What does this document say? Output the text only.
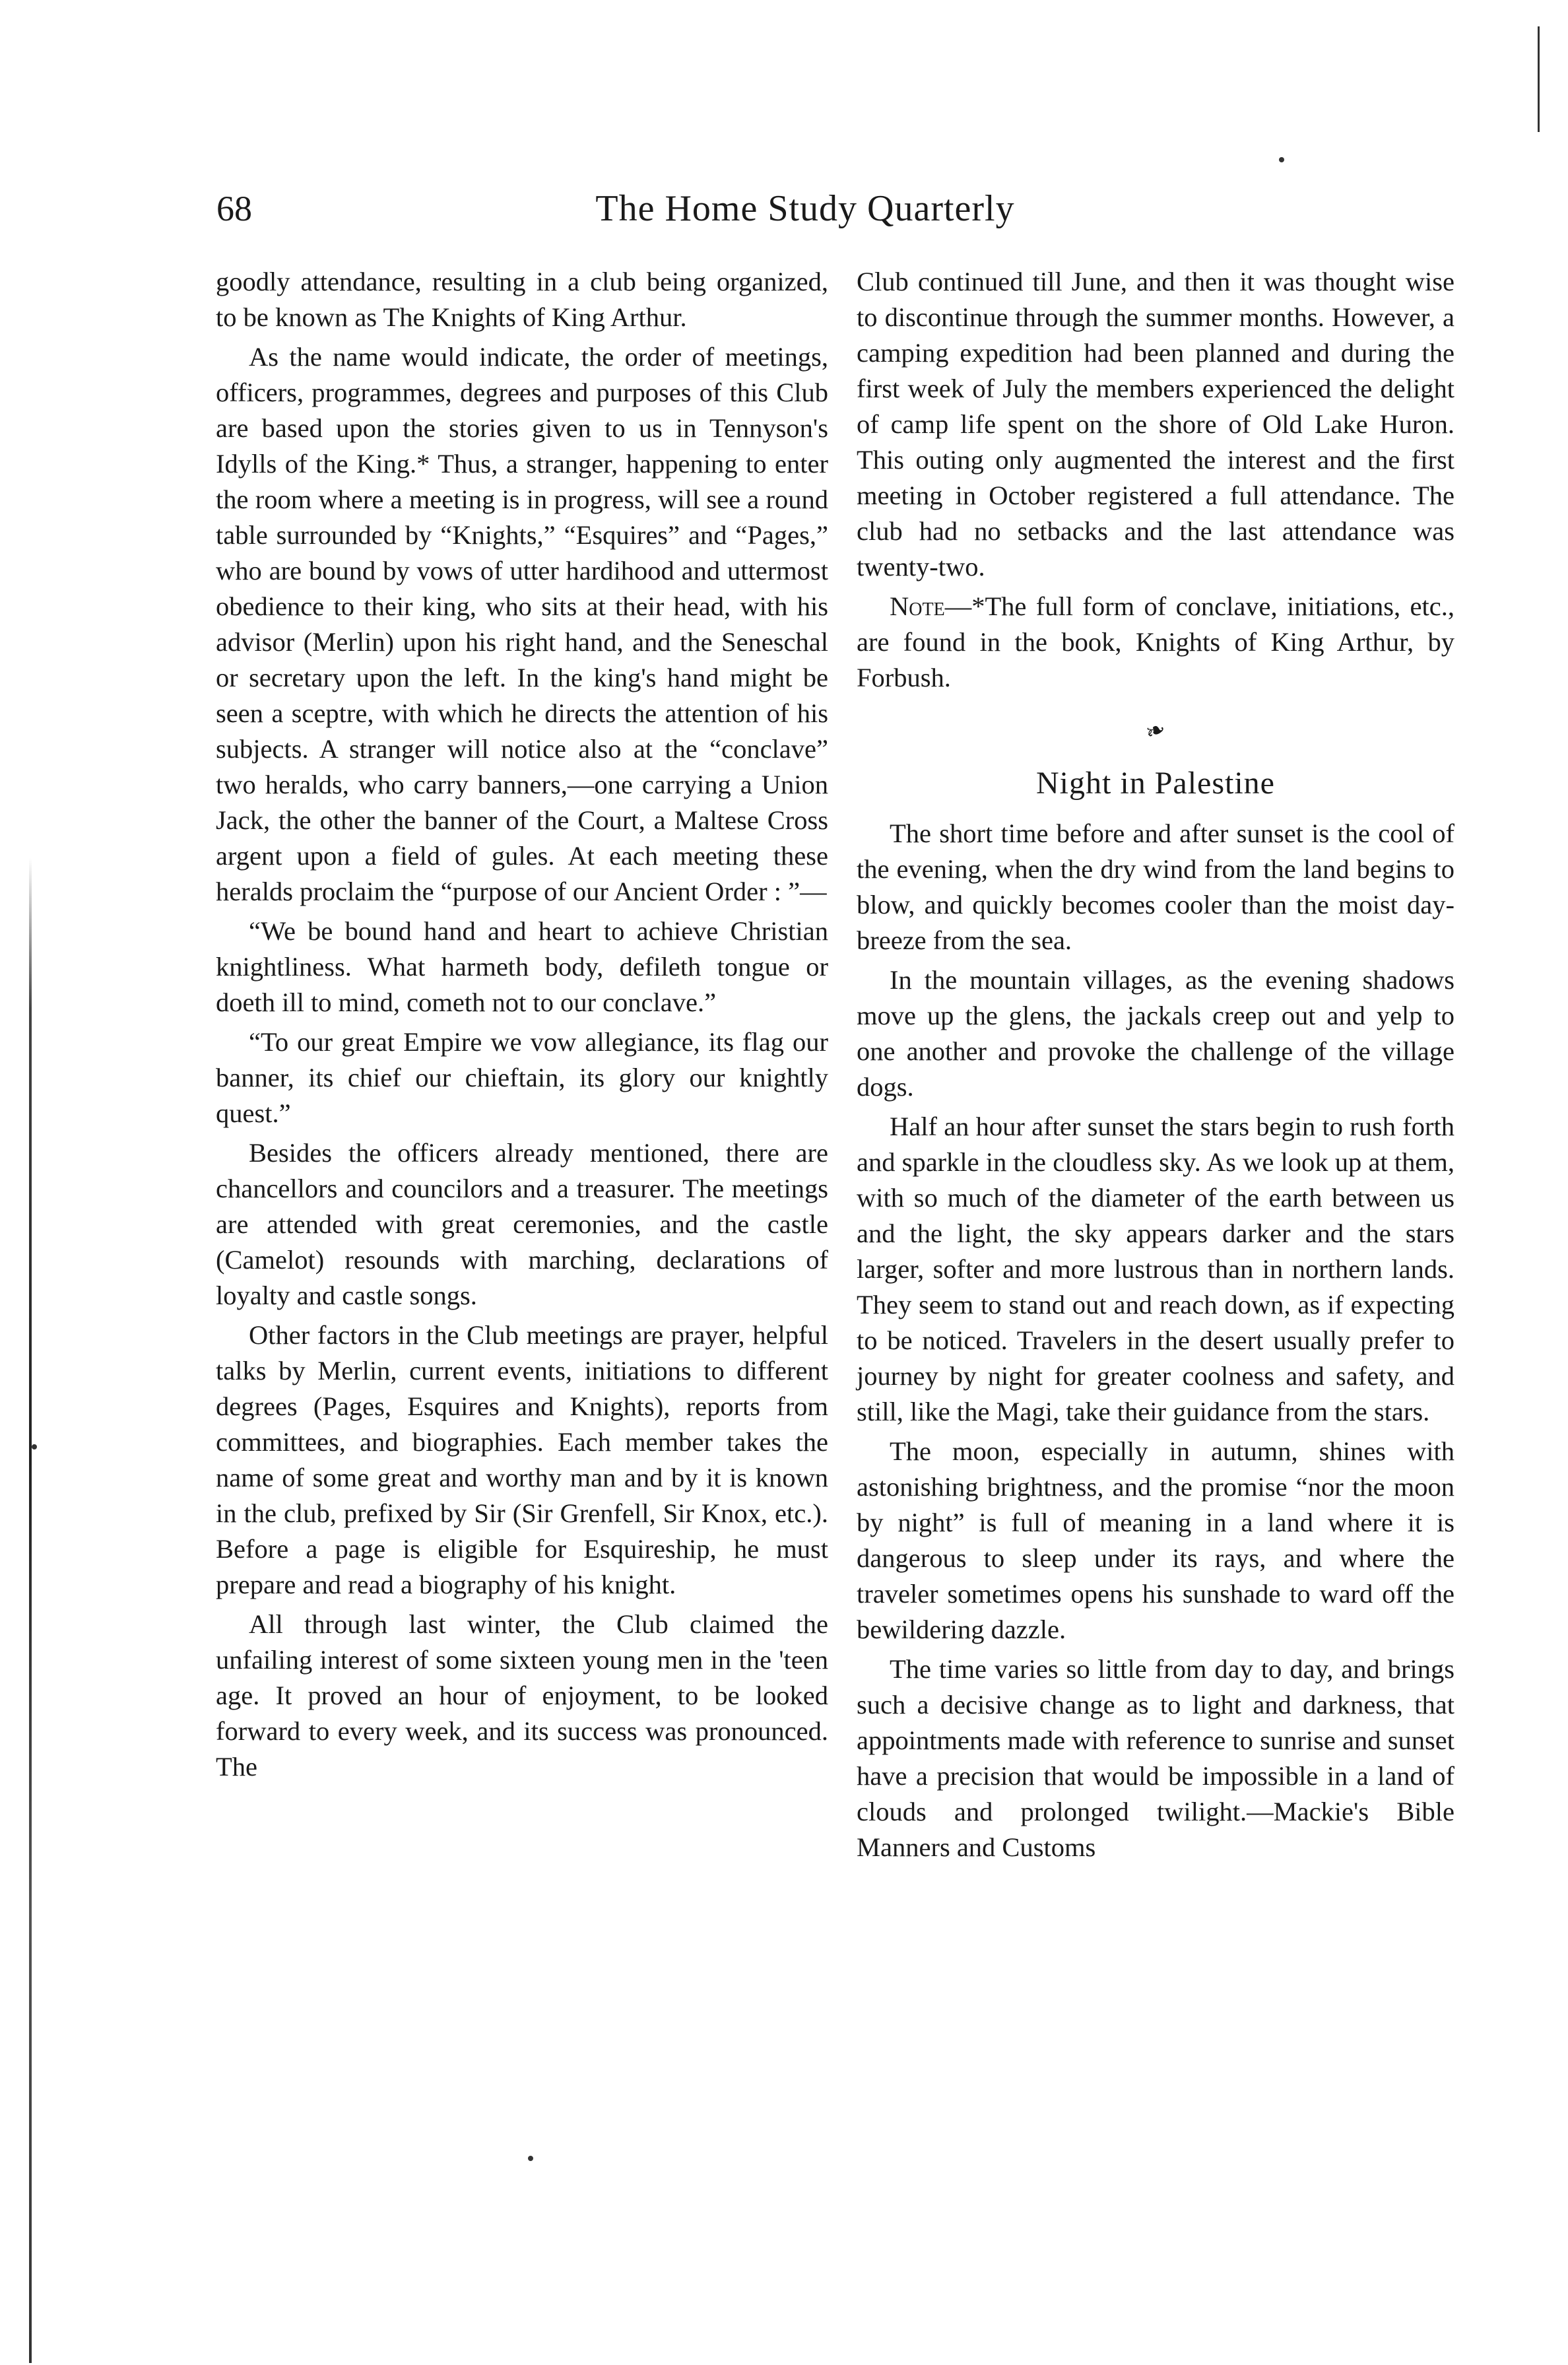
68	The Home Study Quarterly

goodly attendance, resulting in a club being organized, to be known as The Knights of King Arthur.

As the name would indicate, the order of meetings, officers, programmes, degrees and purposes of this Club are based upon the stories given to us in Tennyson's Idylls of the King.* Thus, a stranger, happening to enter the room where a meeting is in progress, will see a round table surrounded by “Knights,” “Esquires” and “Pages,” who are bound by vows of utter hardihood and uttermost obedience to their king, who sits at their head, with his advisor (Merlin) upon his right hand, and the Seneschal or secretary upon the left. In the king's hand might be seen a sceptre, with which he directs the attention of his subjects. A stranger will notice also at the “conclave” two heralds, who carry banners,—one carrying a Union Jack, the other the banner of the Court, a Maltese Cross argent upon a field of gules. At each meeting these heralds proclaim the “purpose of our Ancient Order : ”—

“We be bound hand and heart to achieve Christian knightliness. What harmeth body, defileth tongue or doeth ill to mind, cometh not to our conclave.”

“To our great Empire we vow allegiance, its flag our banner, its chief our chieftain, its glory our knightly quest.”

Besides the officers already mentioned, there are chancellors and councilors and a treasurer. The meetings are attended with great ceremonies, and the castle (Camelot) resounds with marching, declarations of loyalty and castle songs.

Other factors in the Club meetings are prayer, helpful talks by Merlin, current events, initiations to different degrees (Pages, Esquires and Knights), reports from committees, and biographies. Each member takes the name of some great and worthy man and by it is known in the club, prefixed by Sir (Sir Grenfell, Sir Knox, etc.). Before a page is eligible for Esquireship, he must prepare and read a biography of his knight.

All through last winter, the Club claimed the unfailing interest of some sixteen young men in the 'teen age. It proved an hour of enjoyment, to be looked forward to every week, and its success was pronounced. The

Club continued till June, and then it was thought wise to discontinue through the summer months. However, a camping expedition had been planned and during the first week of July the members experienced the delight of camp life spent on the shore of Old Lake Huron. This outing only augmented the interest and the first meeting in October registered a full attendance. The club had no setbacks and the last attendance was twenty-two.

Note—*The full form of conclave, initiations, etc., are found in the book, Knights of King Arthur, by Forbush.

❧
Night in Palestine

The short time before and after sunset is the cool of the evening, when the dry wind from the land begins to blow, and quickly becomes cooler than the moist day-breeze from the sea.

In the mountain villages, as the evening shadows move up the glens, the jackals creep out and yelp to one another and provoke the challenge of the village dogs.

Half an hour after sunset the stars begin to rush forth and sparkle in the cloudless sky. As we look up at them, with so much of the diameter of the earth between us and the light, the sky appears darker and the stars larger, softer and more lustrous than in northern lands. They seem to stand out and reach down, as if expecting to be noticed. Travelers in the desert usually prefer to journey by night for greater coolness and safety, and still, like the Magi, take their guidance from the stars.

The moon, especially in autumn, shines with astonishing brightness, and the promise “nor the moon by night” is full of meaning in a land where it is dangerous to sleep under its rays, and where the traveler sometimes opens his sunshade to ward off the bewildering dazzle.

The time varies so little from day to day, and brings such a decisive change as to light and darkness, that appointments made with reference to sunrise and sunset have a precision that would be impossible in a land of clouds and prolonged twilight.—Mackie's Bible Manners and Customs
